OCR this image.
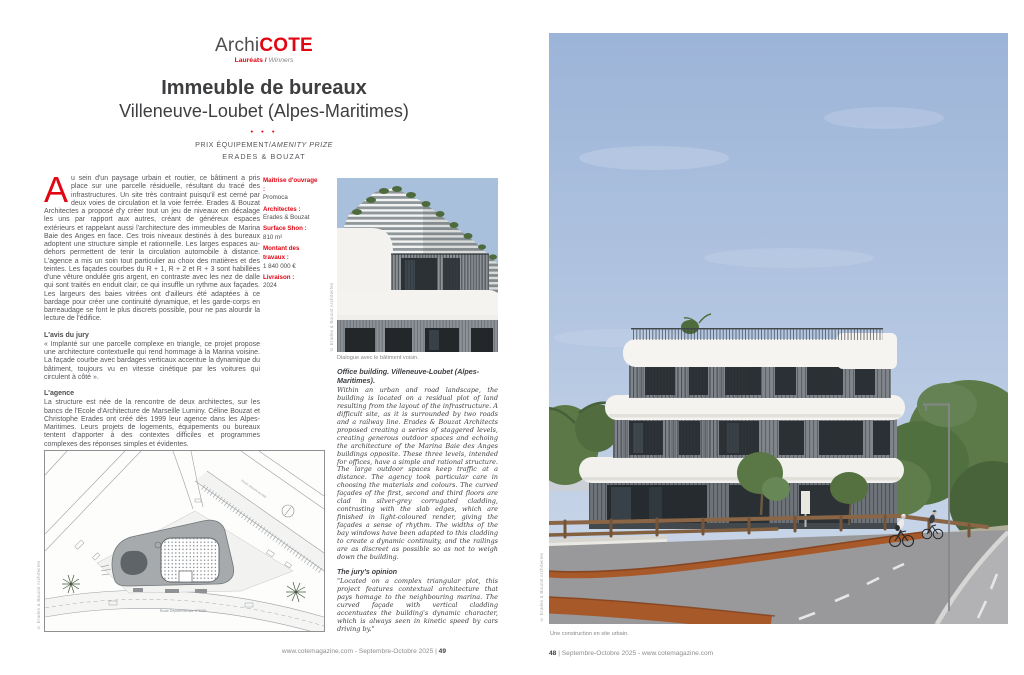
ArchiCOTE
Lauréats / Winners
Immeuble de bureaux
Villeneuve-Loubet (Alpes-Maritimes)
• • •
PRIX ÉQUIPEMENT/AMENITY PRIZE
ERADES & BOUZAT

Au sein d'un paysage urbain et routier, ce bâtiment a pris place sur une parcelle résiduelle, résultant du tracé des infrastructures. Un site très contraint puisqu'il est cerné par deux voies de circulation et la voie ferrée. Erades & Bouzat Architectes a proposé d'y créer tout un jeu de niveaux en décalage les uns par rapport aux autres, créant de généreux espaces extérieurs et rappelant aussi l'architecture des immeubles de Marina Baie des Anges en face. Ces trois niveaux destinés à des bureaux adoptent une structure simple et rationnelle. Les larges espaces au-dehors permettent de tenir la circulation automobile à distance. L'agence a mis un soin tout particulier au choix des matières et des teintes. Les façades courbes du R + 1, R + 2 et R + 3 sont habillées d'une vêture ondulée gris argent, en contraste avec les nez de dalle qui sont traités en enduit clair, ce qui insuffle un rythme aux façades. Les largeurs des baies vitrées ont d'ailleurs été adaptées à ce bardage pour créer une continuité dynamique, et les garde-corps en barreaudage se font le plus discrets possible, pour ne pas alourdir la lecture de l'édifice.

L'avis du jury

« Implanté sur une parcelle complexe en triangle, ce projet propose une architecture contextuelle qui rend hommage à la Marina voisine. La façade courbe avec bardages verticaux accentue la dynamique du bâtiment, toujours vu en vitesse cinétique par les voitures qui circulent à côté ».

L'agence

La structure est née de la rencontre de deux architectes, sur les bancs de l'Ecole d'Architecture de Marseille Luminy. Céline Bouzat et Christophe Erades ont créé dès 1999 leur agence dans les Alpes-Maritimes. Leurs projets de logements, équipements ou bureaux tentent d'apporter à des contextes difficiles et programmes complexes des réponses simples et évidentes.

Maîtrise d'ouvrage :
Promoca
Architectes :
Erades & Bouzat
Surface Shon :
810 m²
Montant des travaux :
1 840 000 €
Livraison :
2024
Route Départementale N°6098
Route Départementale
Dialogue avec le bâtiment voisin.
Office building. Villeneuve-Loubet (Alpes-Maritimes).

Within an urban and road landscape, the building is located on a residual plot of land resulting from the layout of the infrastructure. A difficult site, as it is surrounded by two roads and a railway line. Erades & Bouzat Architects proposed creating a series of staggered levels, creating generous outdoor spaces and echoing the architecture of the Marina Baie des Anges buildings opposite. These three levels, intended for offices, have a simple and rational structure. The large outdoor spaces keep traffic at a distance. The agency took particular care in choosing the materials and colours. The curved façades of the first, second and third floors are clad in silver-grey corrugated cladding, contrasting with the slab edges, which are finished in light-coloured render, giving the façades a sense of rhythm. The widths of the bay windows have been adapted to this cladding to create a dynamic continuity, and the railings are as discreet as possible so as not to weigh down the building.

The jury's opinion

"Located on a complex triangular plot, this project features contextual architecture that pays homage to the neighbouring marina. The curved façade with vertical cladding accentuates the building's dynamic character, which is always seen in kinetic speed by cars driving by."

www.cotemagazine.com - Septembre-Octobre 2025 | 49
Une construction en site urbain.
48 | Septembre-Octobre 2025 - www.cotemagazine.com
© Erades & Bouzat Architectes
© Erades & Bouzat Architectes
© Erades & Bouzat Architectes
